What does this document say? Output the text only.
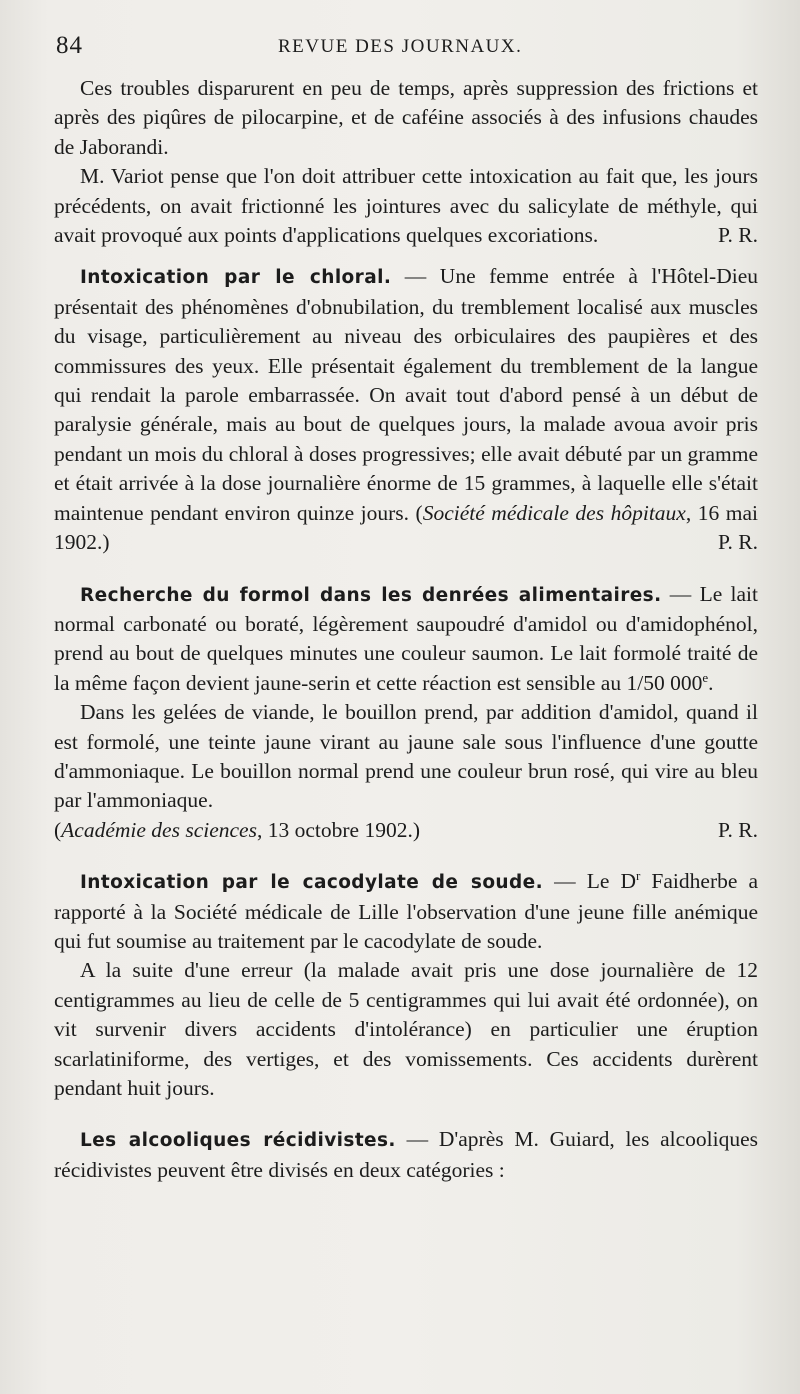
84	REVUE DES JOURNAUX.

Ces troubles disparurent en peu de temps, après suppression des frictions et après des piqûres de pilocarpine, et de caféine associés à des infusions chaudes de Jaborandi.

M. Variot pense que l'on doit attribuer cette intoxication au fait que, les jours précédents, on avait frictionné les jointures avec du salicylate de méthyle, qui avait provoqué aux points d'applications quelques excoriations.	P. R.

Intoxication par le chloral. — Une femme entrée à l'Hôtel-Dieu présentait des phénomènes d'obnubilation, du tremblement localisé aux muscles du visage, particulièrement au niveau des orbiculaires des paupières et des commissures des yeux. Elle présentait également du tremblement de la langue qui rendait la parole embarrassée. On avait tout d'abord pensé à un début de paralysie générale, mais au bout de quelques jours, la malade avoua avoir pris pendant un mois du chloral à doses progressives; elle avait débuté par un gramme et était arrivée à la dose journalière énorme de 15 grammes, à laquelle elle s'était maintenue pendant environ quinze jours. (Société médicale des hôpitaux, 16 mai 1902.)	P. R.

Recherche du formol dans les denrées alimentaires. — Le lait normal carbonaté ou boraté, légèrement saupoudré d'amidol ou d'amidophénol, prend au bout de quelques minutes une couleur saumon. Le lait formolé traité de la même façon devient jaune-serin et cette réaction est sensible au 1/50 000e.

Dans les gelées de viande, le bouillon prend, par addition d'amidol, quand il est formolé, une teinte jaune virant au jaune sale sous l'influence d'une goutte d'ammoniaque. Le bouillon normal prend une couleur brun rosé, qui vire au bleu par l'ammoniaque.

(Académie des sciences, 13 octobre 1902.)	P. R.

Intoxication par le cacodylate de soude. — Le $D^r$ Faidherbe a rapporté à la Société médicale de Lille l'observation d'une jeune fille anémique qui fut soumise au traitement par le cacodylate de soude.

A la suite d'une erreur (la malade avait pris une dose journalière de 12 centigrammes au lieu de celle de 5 centigrammes qui lui avait été ordonnée), on vit survenir divers accidents d'intolérance) en particulier une éruption scarlatiniforme, des vertiges, et des vomissements. Ces accidents durèrent pendant huit jours.

Les alcooliques récidivistes. — D'après M. Guiard, les alcooliques récidivistes peuvent être divisés en deux catégories :
